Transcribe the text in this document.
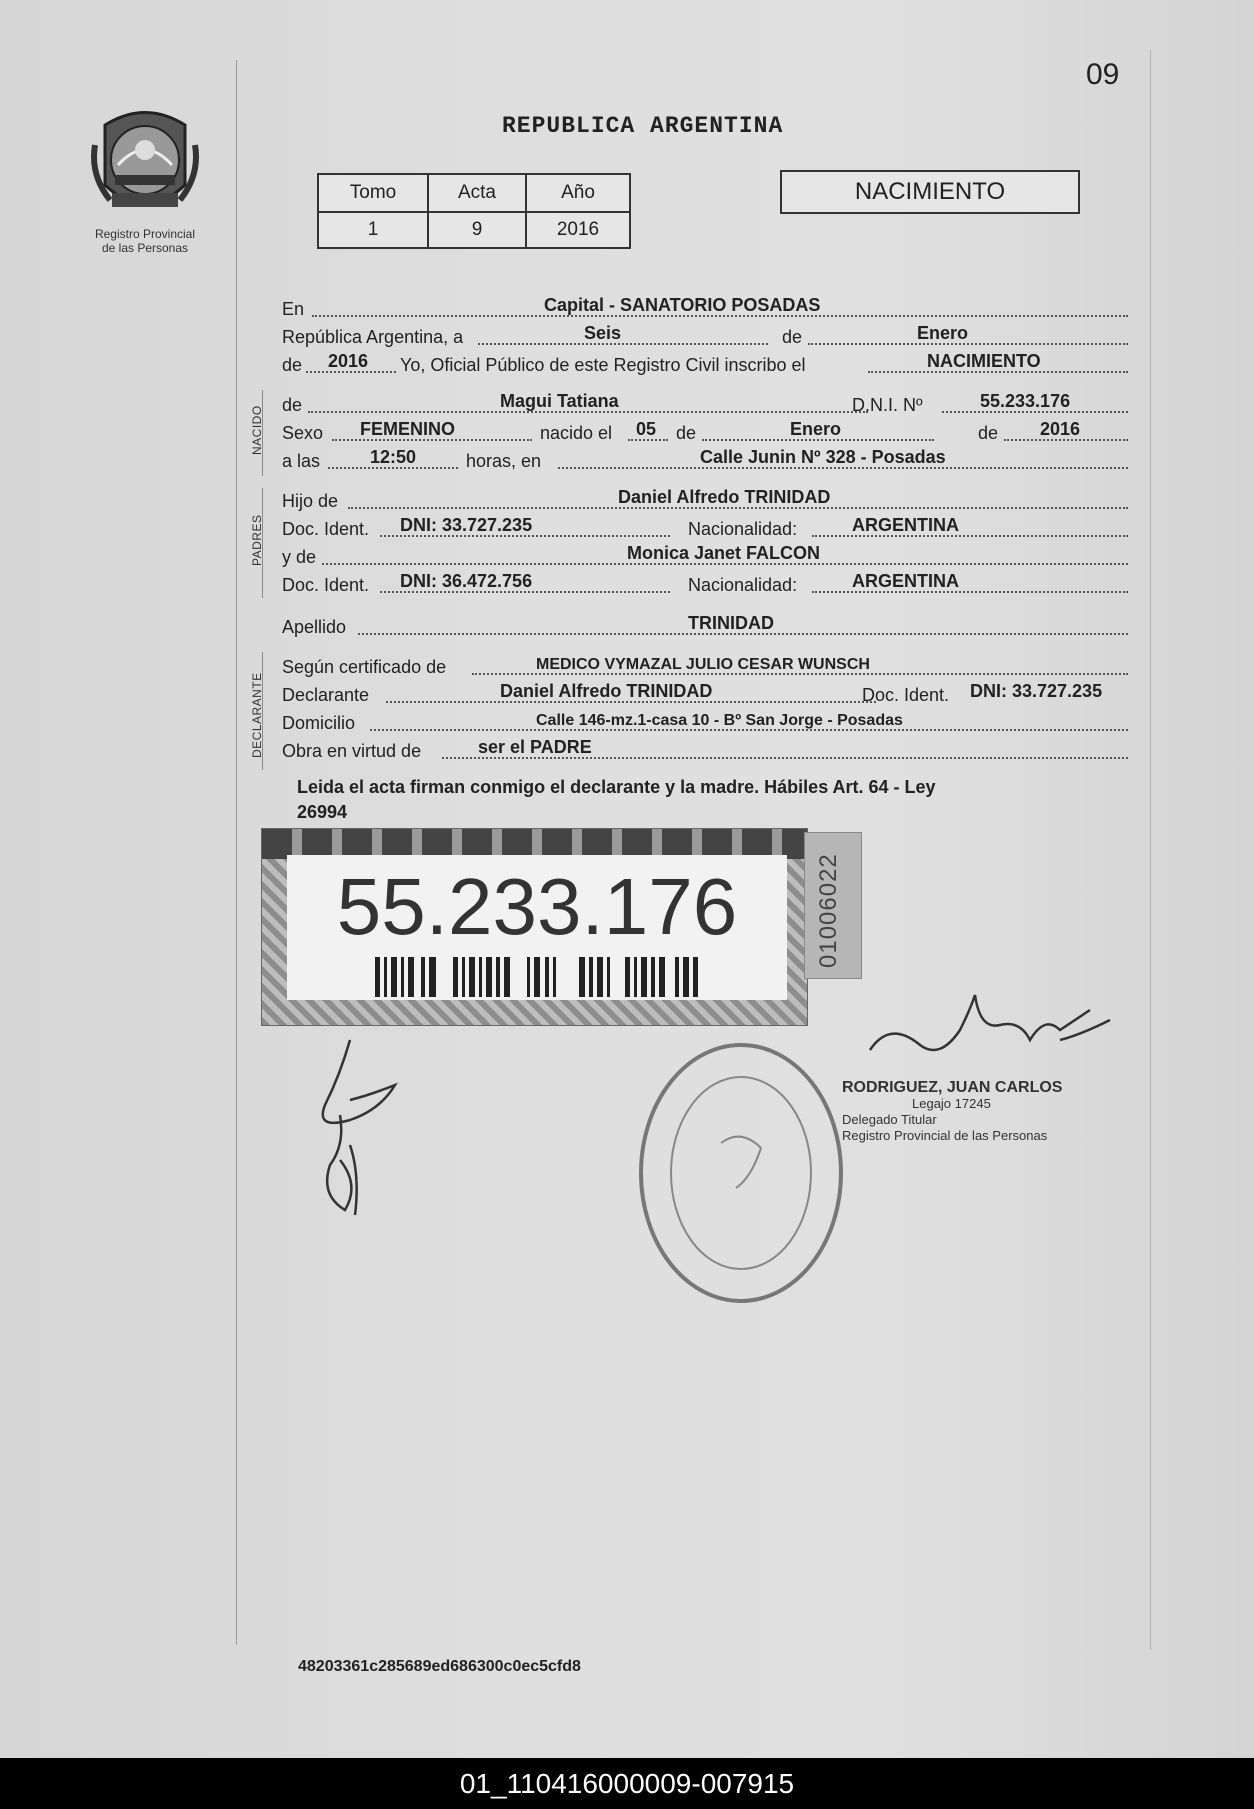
09
Registro Provincial
de las Personas
REPUBLICA ARGENTINA
Tomo	Acta	Año
1	9	2016
NACIMIENTO
En	Capital - SANATORIO POSADAS
República Argentina, a	Seis	de	Enero
de 2016 Yo, Oficial Público de este Registro Civil inscribo el	NACIMIENTO
NACIDO
de	Magui Tatiana	D.N.I. Nº	55.233.176
Sexo FEMENINO	nacido el 05 de	Enero	de 2016
a las	12:50	horas, en	Calle Junin Nº 328 - Posadas
PADRES
Hijo de	Daniel Alfredo TRINIDAD
Doc. Ident. DNI: 33.727.235	Nacionalidad:	ARGENTINA
y de	Monica Janet FALCON
Doc. Ident. DNI: 36.472.756	Nacionalidad:	ARGENTINA
Apellido	TRINIDAD
DECLARANTE
Según certificado de	MEDICO VYMAZAL JULIO CESAR WUNSCH
Declarante	Daniel Alfredo TRINIDAD	Doc. Ident. DNI: 33.727.235
Domicilio	Calle 146-mz.1-casa 10 - Bº San Jorge - Posadas
Obra en virtud de	ser el PADRE
Leida el acta firman conmigo el declarante y la madre. Hábiles Art. 64 - Ley
26994
55.233.176	01006022
RODRIGUEZ, JUAN CARLOS
Legajo 17245
Delegado Titular
Registro Provincial de las Personas
48203361c285689ed686300c0ec5cfd8
01_110416000009-007915
